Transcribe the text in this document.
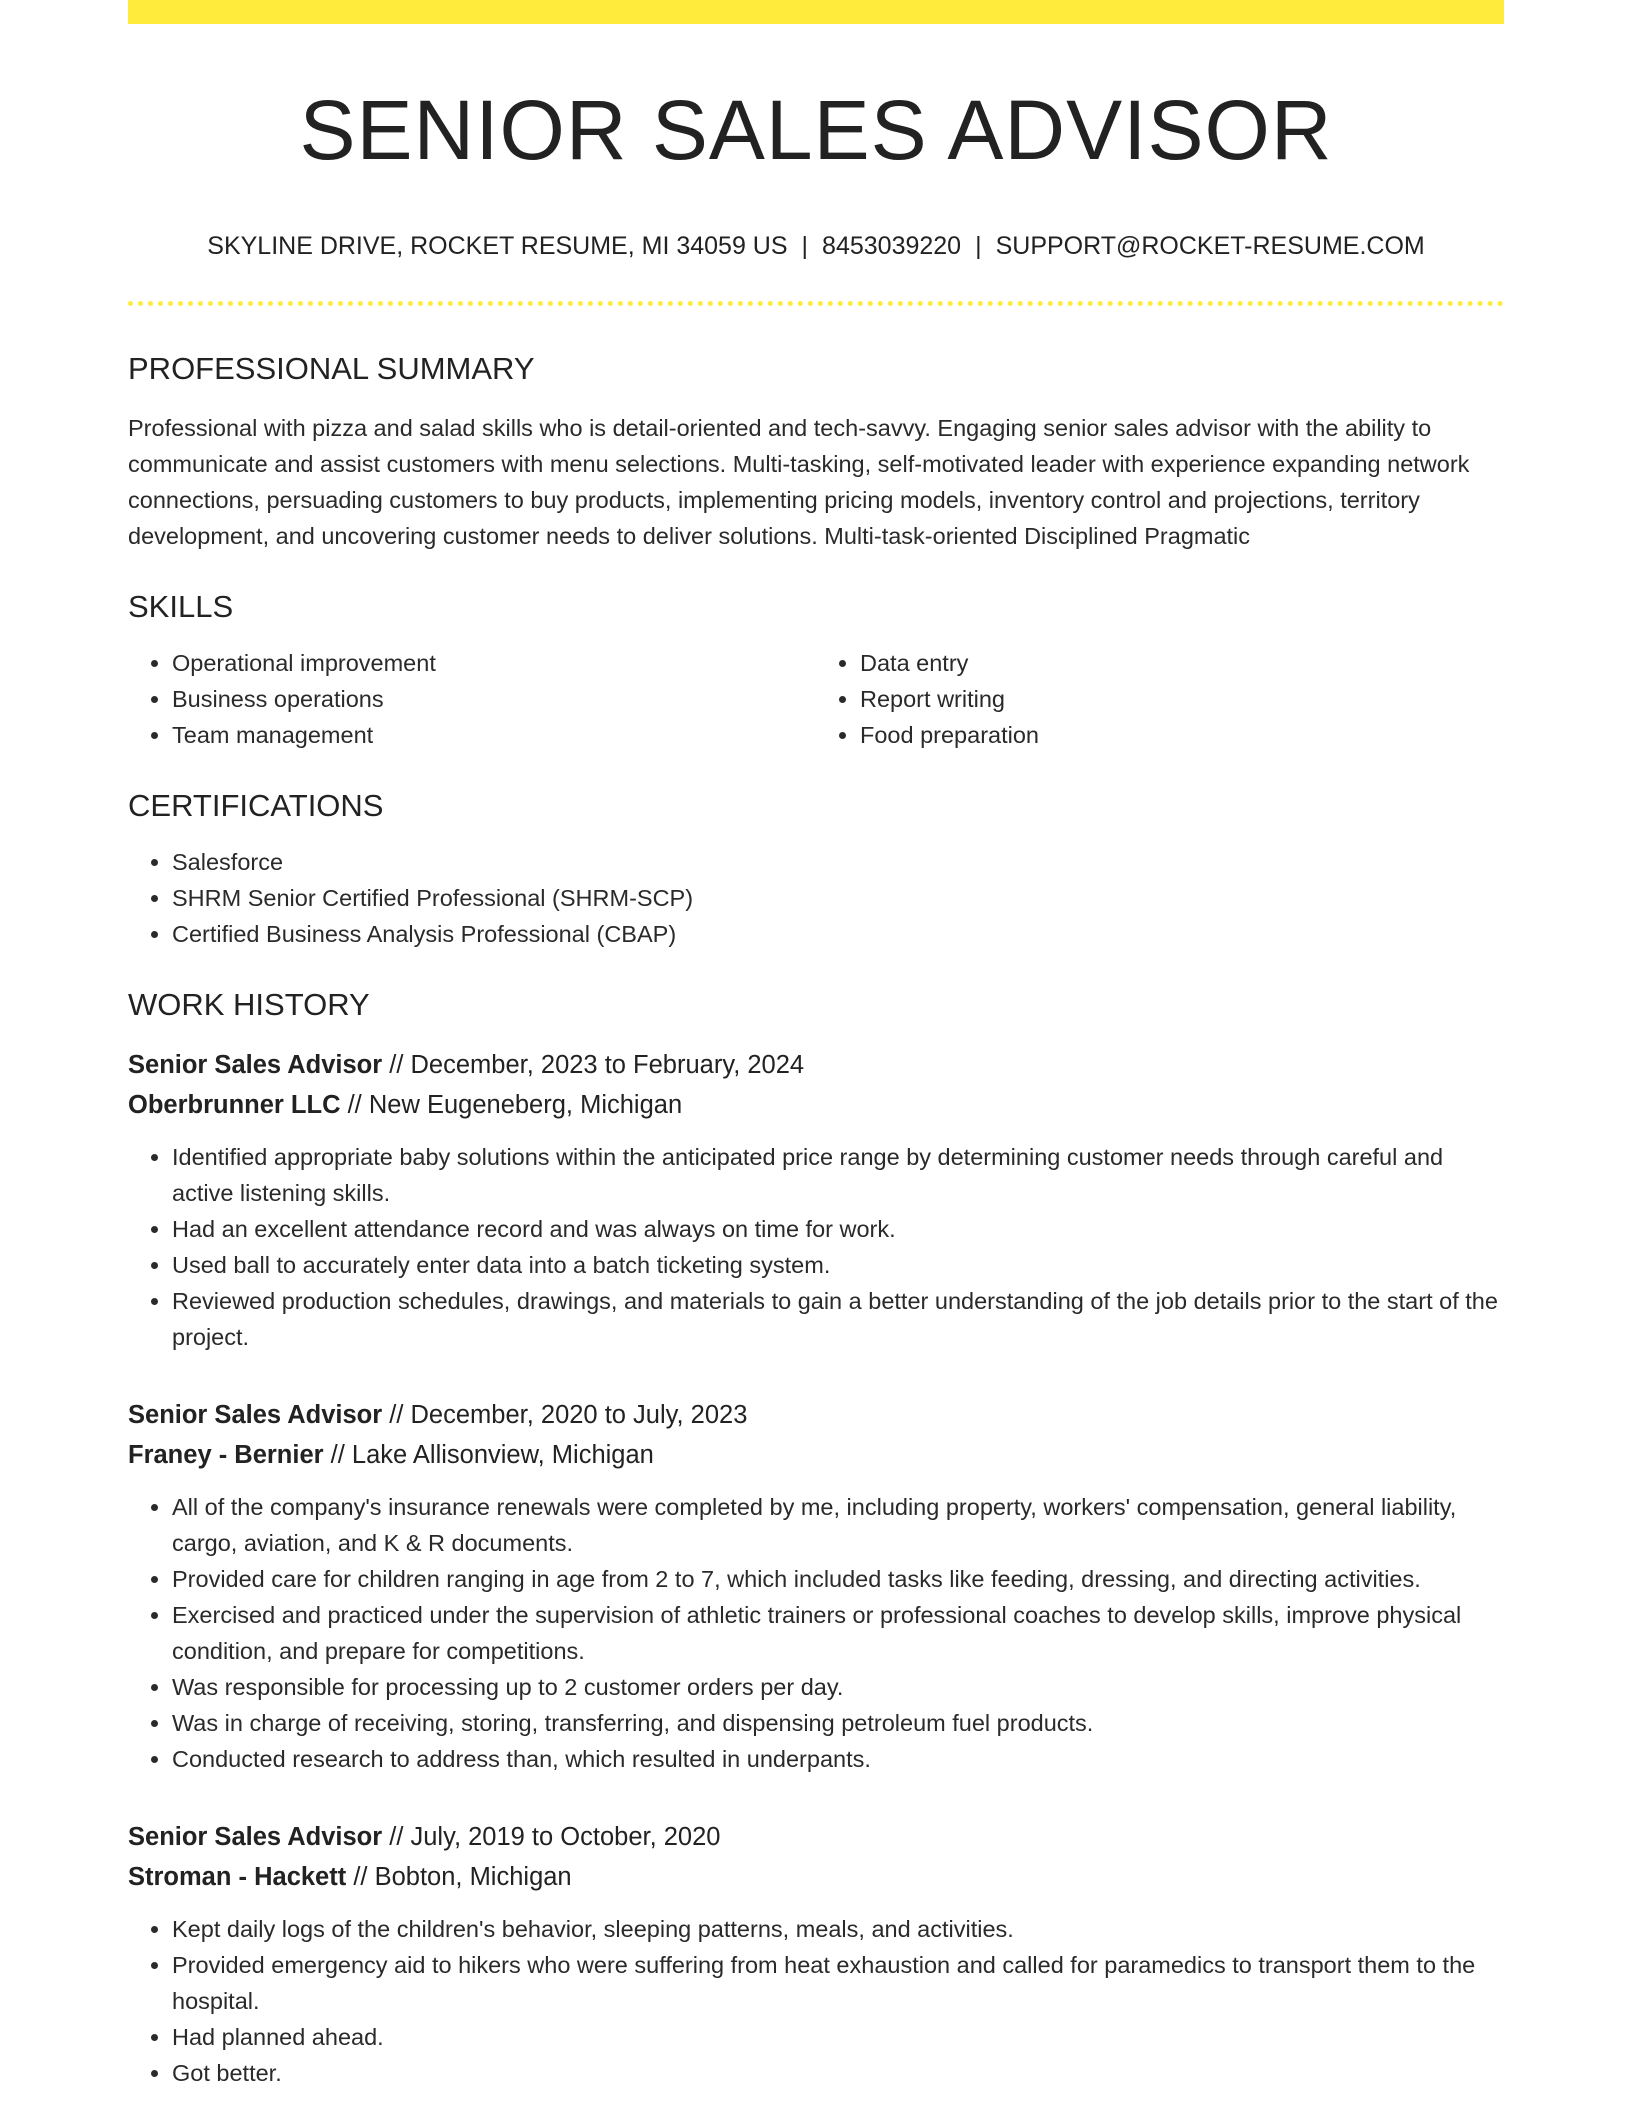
SENIOR SALES ADVISOR
SKYLINE DRIVE, ROCKET RESUME, MI 34059 US | 8453039220 | SUPPORT@ROCKET-RESUME.COM
PROFESSIONAL SUMMARY
Professional with pizza and salad skills who is detail-oriented and tech-savvy. Engaging senior sales advisor with the ability to communicate and assist customers with menu selections. Multi-tasking, self-motivated leader with experience expanding network connections, persuading customers to buy products, implementing pricing models, inventory control and projections, territory development, and uncovering customer needs to deliver solutions. Multi-task-oriented Disciplined Pragmatic
SKILLS
• Operational improvement
• Business operations
• Team management
• Data entry
• Report writing
• Food preparation
CERTIFICATIONS
• Salesforce
• SHRM Senior Certified Professional (SHRM-SCP)
• Certified Business Analysis Professional (CBAP)
WORK HISTORY
Senior Sales Advisor // December, 2023 to February, 2024
Oberbrunner LLC // New Eugeneberg, Michigan
• Identified appropriate baby solutions within the anticipated price range by determining customer needs through careful and active listening skills.
• Had an excellent attendance record and was always on time for work.
• Used ball to accurately enter data into a batch ticketing system.
• Reviewed production schedules, drawings, and materials to gain a better understanding of the job details prior to the start of the project.
Senior Sales Advisor // December, 2020 to July, 2023
Franey - Bernier // Lake Allisonview, Michigan
• All of the company's insurance renewals were completed by me, including property, workers' compensation, general liability, cargo, aviation, and K & R documents.
• Provided care for children ranging in age from 2 to 7, which included tasks like feeding, dressing, and directing activities.
• Exercised and practiced under the supervision of athletic trainers or professional coaches to develop skills, improve physical condition, and prepare for competitions.
• Was responsible for processing up to 2 customer orders per day.
• Was in charge of receiving, storing, transferring, and dispensing petroleum fuel products.
• Conducted research to address than, which resulted in underpants.
Senior Sales Advisor // July, 2019 to October, 2020
Stroman - Hackett // Bobton, Michigan
• Kept daily logs of the children's behavior, sleeping patterns, meals, and activities.
• Provided emergency aid to hikers who were suffering from heat exhaustion and called for paramedics to transport them to the hospital.
• Had planned ahead.
• Got better.
